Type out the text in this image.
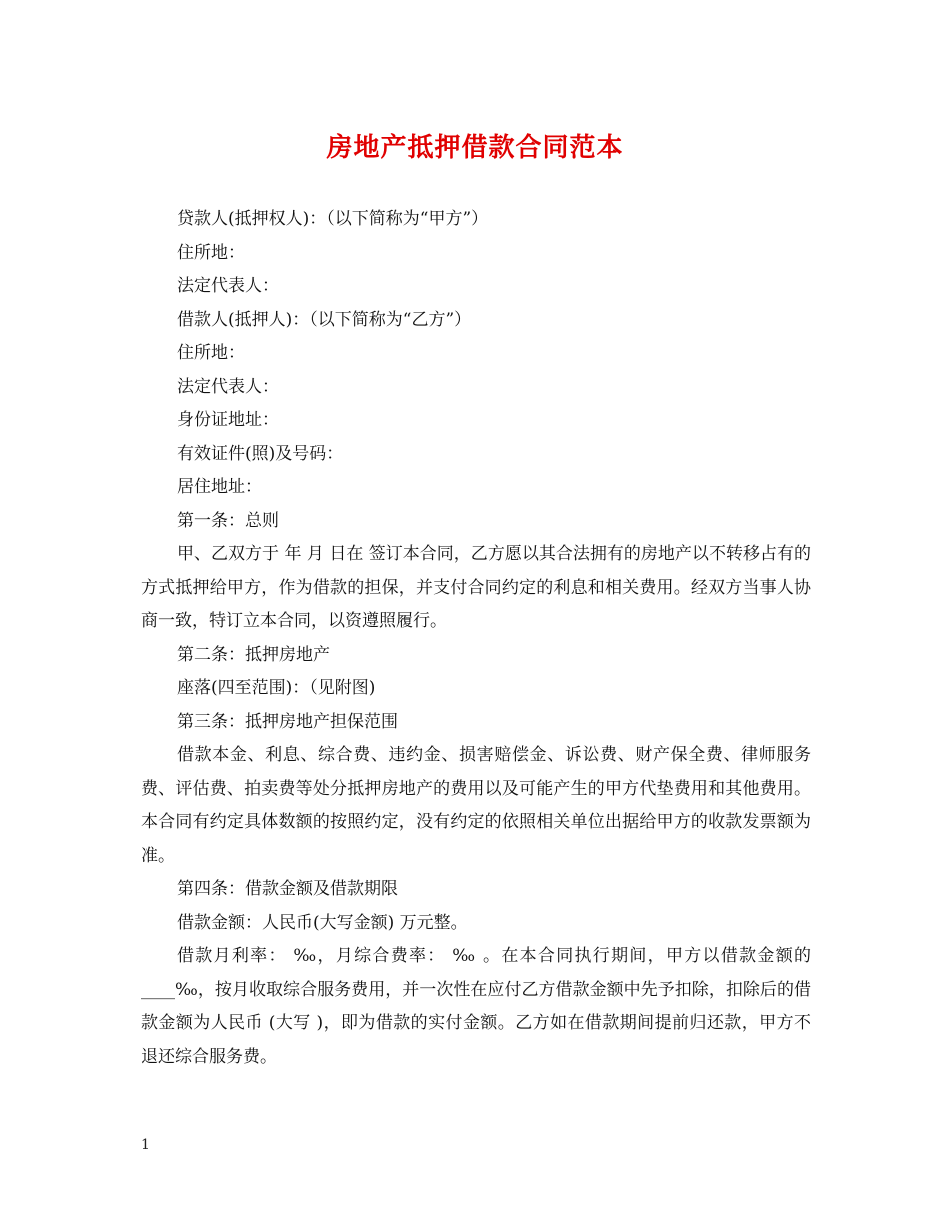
房地产抵押借款合同范本

贷款人(抵押权人)：（以下简称为“甲方”）

住所地：

法定代表人：

借款人(抵押人)：（以下简称为“乙方”）

住所地：

法定代表人：

身份证地址：

有效证件(照)及号码：

居住地址：

第一条：总则

甲、乙双方于 年 月 日在 签订本合同，乙方愿以其合法拥有的房地产以不转移占有的方式抵押给甲方，作为借款的担保，并支付合同约定的利息和相关费用。经双方当事人协商一致，特订立本合同，以资遵照履行。

第二条：抵押房地产

座落(四至范围)：（见附图)

第三条：抵押房地产担保范围

借款本金、利息、综合费、违约金、损害赔偿金、诉讼费、财产保全费、律师服务费、评估费、拍卖费等处分抵押房地产的费用以及可能产生的甲方代垫费用和其他费用。本合同有约定具体数额的按照约定，没有约定的依照相关单位出据给甲方的收款发票额为准。

第四条：借款金额及借款期限

借款金额：人民币(大写金额) 万元整。

借款月利率： ‰，月综合费率： ‰ 。在本合同执行期间，甲方以借款金额的____‰，按月收取综合服务费用，并一次性在应付乙方借款金额中先予扣除，扣除后的借款金额为人民币 (大写 )，即为借款的实付金额。乙方如在借款期间提前归还款，甲方不退还综合服务费。

1
